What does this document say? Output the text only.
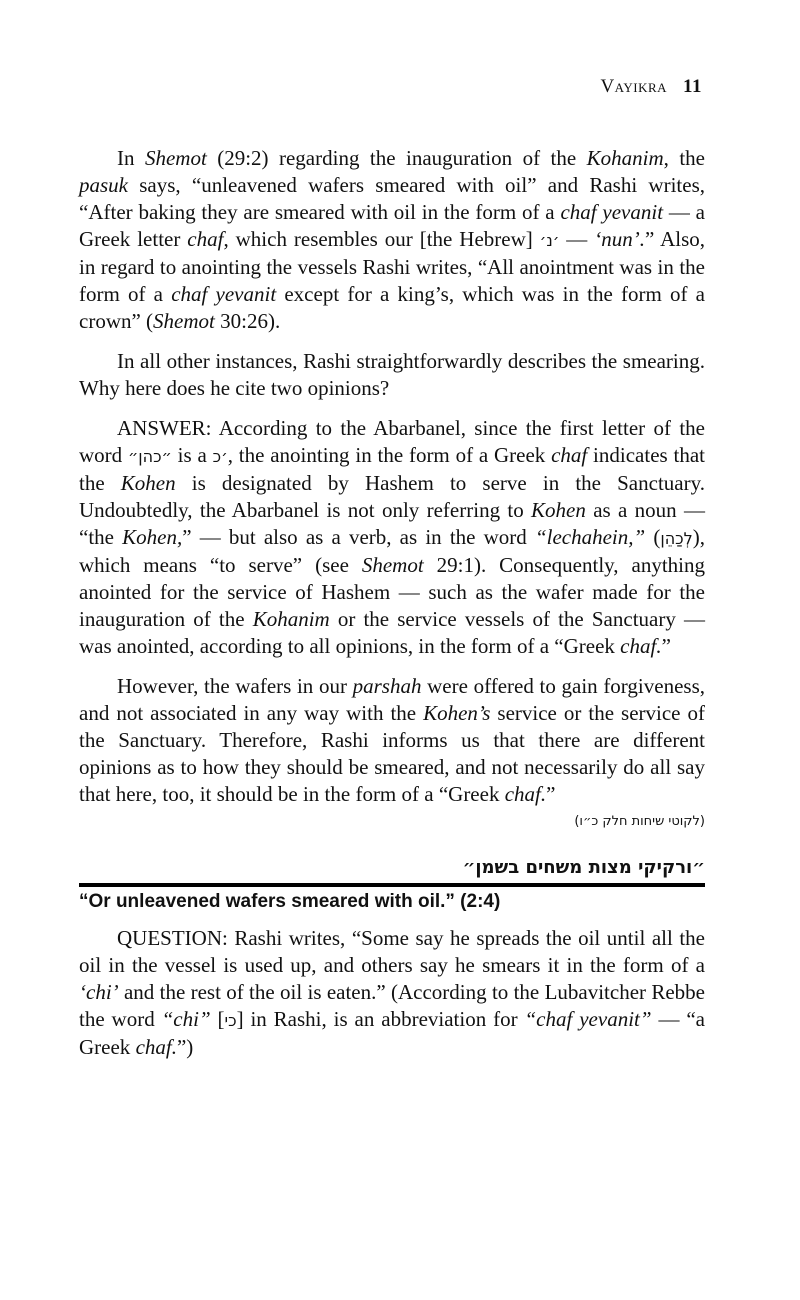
Vayikra 11

In Shemot (29:2) regarding the inauguration of the Kohanim, the pasuk says, “unleavened wafers smeared with oil” and Rashi writes, “After baking they are smeared with oil in the form of a chaf yevanit — a Greek letter chaf, which resembles our [the Hebrew] ׳נ׳ — ‘nun’.” Also, in regard to anointing the vessels Rashi writes, “All anointment was in the form of a chaf yevanit except for a king’s, which was in the form of a crown” (Shemot 30:26).

In all other instances, Rashi straightforwardly describes the smearing. Why here does he cite two opinions?

ANSWER: According to the Abarbanel, since the first letter of the word ״כהן״ is a ׳כ, the anointing in the form of a Greek chaf indicates that the Kohen is designated by Hashem to serve in the Sanctuary. Undoubtedly, the Abarbanel is not only referring to Kohen as a noun — “the Kohen,” — but also as a verb, as in the word “lechahein,” (לְכַהֵן), which means “to serve” (see Shemot 29:1). Consequently, anything anointed for the service of Hashem — such as the wafer made for the inauguration of the Kohanim or the service vessels of the Sanctuary — was anointed, according to all opinions, in the form of a “Greek chaf.”

However, the wafers in our parshah were offered to gain forgiveness, and not associated in any way with the Kohen’s service or the service of the Sanctuary. Therefore, Rashi informs us that there are different opinions as to how they should be smeared, and not necessarily do all say that here, too, it should be in the form of a “Greek chaf.”

(לקוטי שיחות חלק כ״ו)
״ורקיקי מצות משחים בשמן״
“Or unleavened wafers smeared with oil.” (2:4)

QUESTION: Rashi writes, “Some say he spreads the oil until all the oil in the vessel is used up, and others say he smears it in the form of a ‘chi’ and the rest of the oil is eaten.” (According to the Lubavitcher Rebbe the word “chi” [כי] in Rashi, is an abbreviation for “chaf yevanit” — “a Greek chaf.”)
